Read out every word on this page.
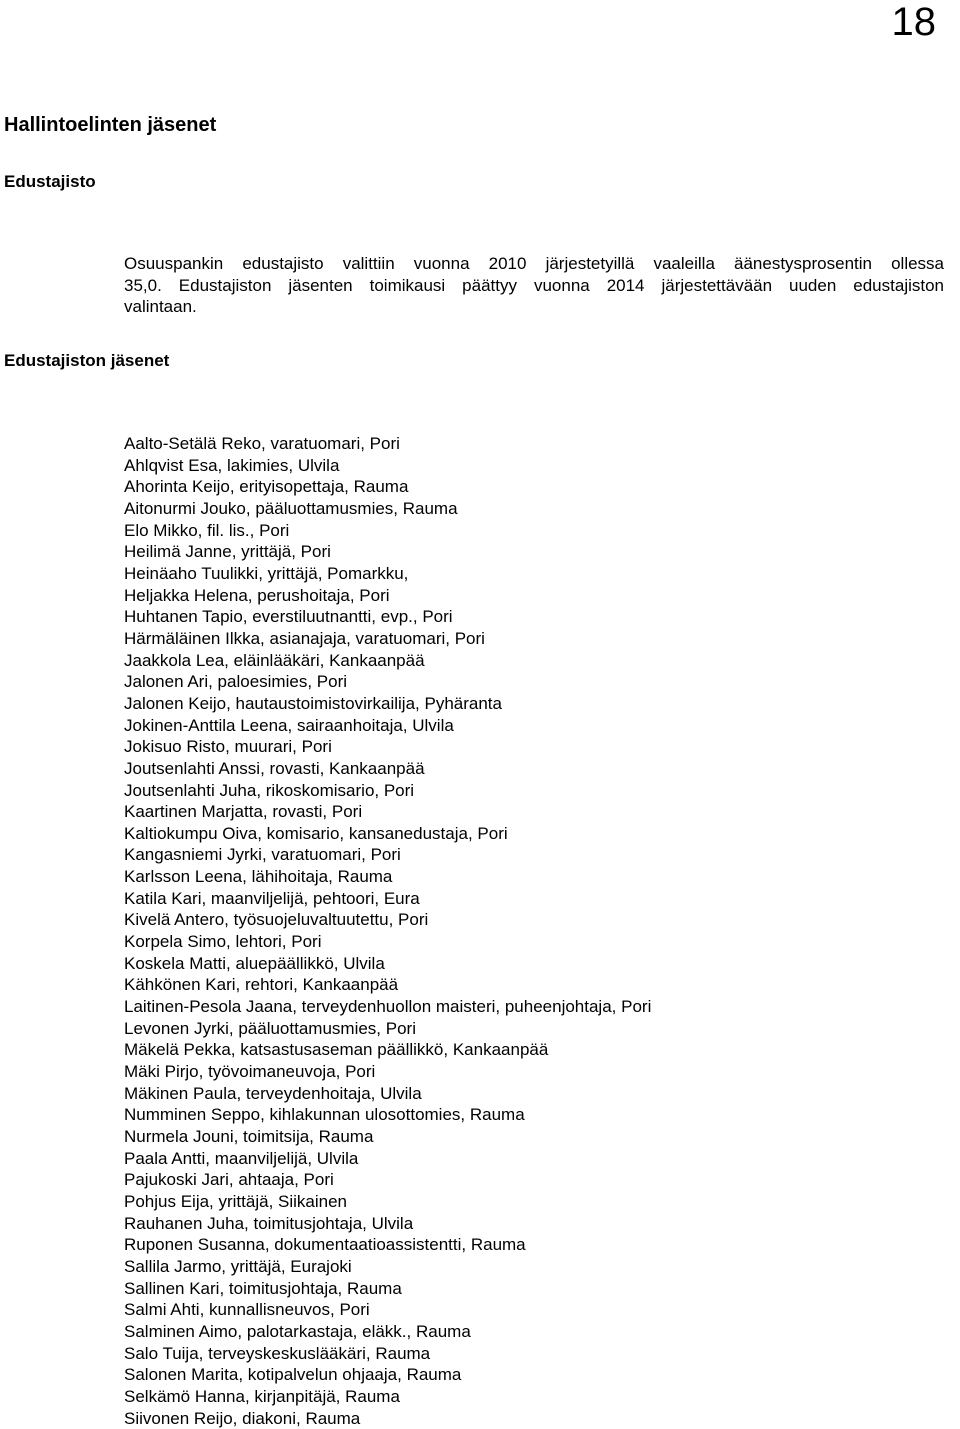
18
Hallintoelinten jäsenet
Edustajisto
Osuuspankin edustajisto valittiin vuonna 2010 järjestetyillä vaaleilla äänestysprosentin ollessa
35,0. Edustajiston jäsenten toimikausi päättyy vuonna 2014 järjestettävään uuden edustajiston
valintaan.
Edustajiston jäsenet
Aalto-Setälä Reko, varatuomari, Pori
Ahlqvist Esa, lakimies, Ulvila
Ahorinta Keijo, erityisopettaja, Rauma
Aitonurmi Jouko, pääluottamusmies, Rauma
Elo Mikko, fil. lis., Pori
Heilimä Janne, yrittäjä, Pori
Heinäaho Tuulikki, yrittäjä, Pomarkku,
Heljakka Helena, perushoitaja, Pori
Huhtanen Tapio, everstiluutnantti, evp., Pori
Härmäläinen Ilkka, asianajaja, varatuomari, Pori
Jaakkola Lea, eläinlääkäri, Kankaanpää
Jalonen Ari, paloesimies, Pori
Jalonen Keijo, hautaustoimistovirkailija, Pyhäranta
Jokinen-Anttila Leena, sairaanhoitaja, Ulvila
Jokisuo Risto, muurari, Pori
Joutsenlahti Anssi, rovasti, Kankaanpää
Joutsenlahti Juha, rikoskomisario, Pori
Kaartinen Marjatta, rovasti, Pori
Kaltiokumpu Oiva, komisario, kansanedustaja, Pori
Kangasniemi Jyrki, varatuomari, Pori
Karlsson Leena, lähihoitaja, Rauma
Katila Kari, maanviljelijä, pehtoori, Eura
Kivelä Antero, työsuojeluvaltuutettu, Pori
Korpela Simo, lehtori, Pori
Koskela Matti, aluepäällikkö, Ulvila
Kähkönen Kari, rehtori, Kankaanpää
Laitinen-Pesola Jaana, terveydenhuollon maisteri, puheenjohtaja, Pori
Levonen Jyrki, pääluottamusmies, Pori
Mäkelä Pekka, katsastusaseman päällikkö, Kankaanpää
Mäki Pirjo, työvoimaneuvoja, Pori
Mäkinen Paula, terveydenhoitaja, Ulvila
Numminen Seppo, kihlakunnan ulosottomies, Rauma
Nurmela Jouni, toimitsija, Rauma
Paala Antti, maanviljelijä, Ulvila
Pajukoski Jari, ahtaaja, Pori
Pohjus Eija, yrittäjä, Siikainen
Rauhanen Juha, toimitusjohtaja, Ulvila
Ruponen Susanna, dokumentaatioassistentti, Rauma
Sallila Jarmo, yrittäjä, Eurajoki
Sallinen Kari, toimitusjohtaja, Rauma
Salmi Ahti, kunnallisneuvos, Pori
Salminen Aimo, palotarkastaja, eläkk., Rauma
Salo Tuija, terveyskeskuslääkäri, Rauma
Salonen Marita, kotipalvelun ohjaaja, Rauma
Selkämö Hanna, kirjanpitäjä, Rauma
Siivonen Reijo, diakoni, Rauma
